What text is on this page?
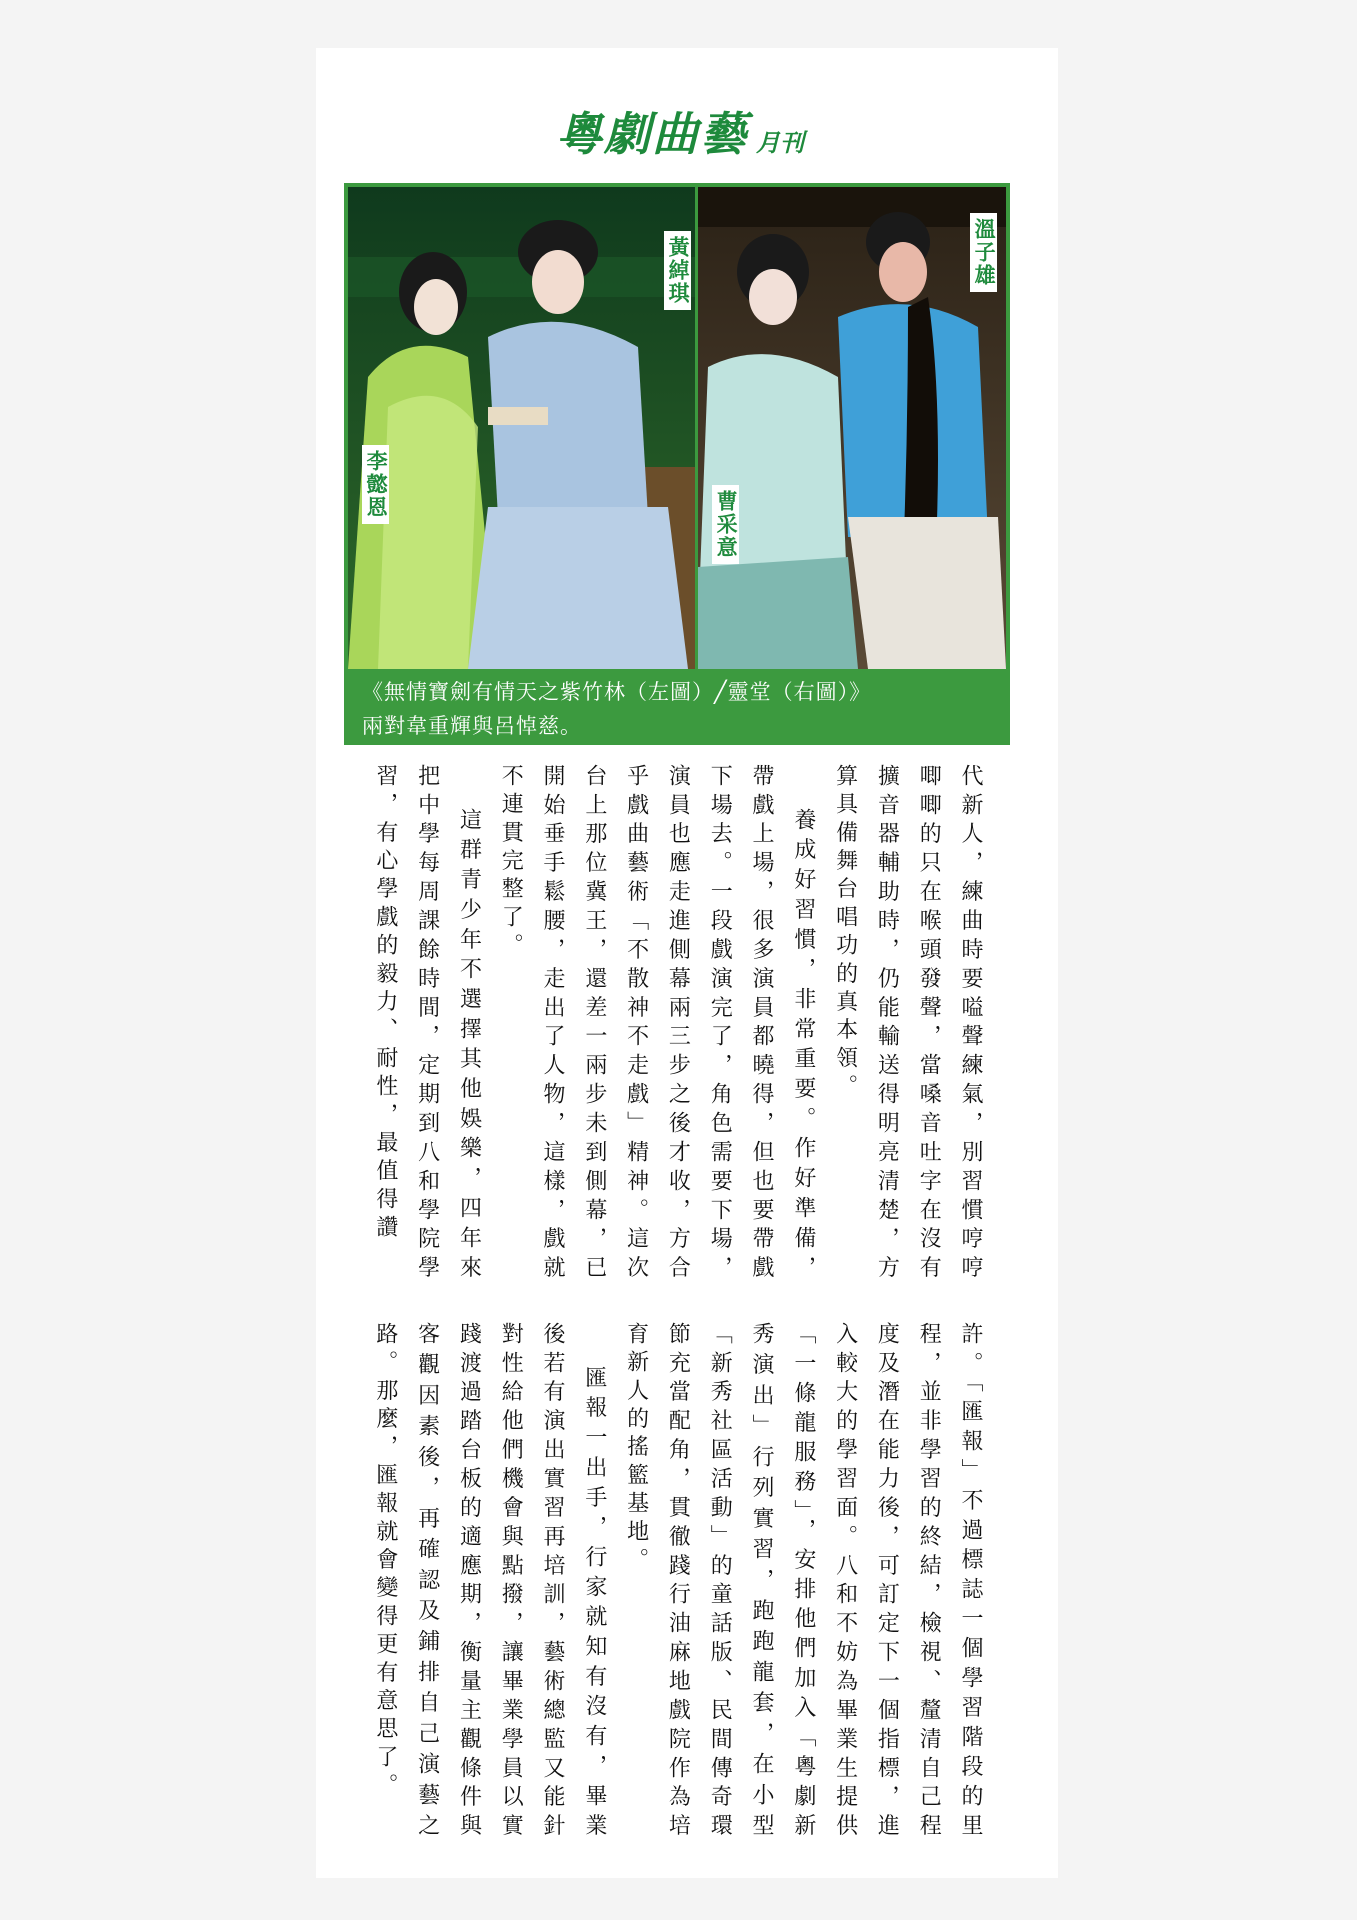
粵劇曲藝 月刊
黃綽琪
李懿恩
溫子雄
曹采意
《無情寶劍有情天之紫竹林（左圖）╱靈堂（右圖）》
兩對韋重輝與呂悼慈。

代新人，練曲時要嗌聲練氣，別習慣哼哼唧唧的只在喉頭發聲，當嗓音吐字在沒有擴音器輔助時，仍能輸送得明亮清楚，方算具備舞台唱功的真本領。

養成好習慣，非常重要。作好準備，帶戲上場，很多演員都曉得，但也要帶戲下場去。一段戲演完了，角色需要下場，演員也應走進側幕兩三步之後才收，方合乎戲曲藝術「不散神不走戲」精神。這次台上那位冀王，還差一兩步未到側幕，已開始垂手鬆腰，走出了人物，這樣，戲就不連貫完整了。

這群青少年不選擇其他娛樂，四年來把中學每周課餘時間，定期到八和學院學習，有心學戲的毅力、耐性，最值得讚

許。「匯報」不過標誌一個學習階段的里程，並非學習的終結，檢視、釐清自己程度及潛在能力後，可訂定下一個指標，進入較大的學習面。八和不妨為畢業生提供「一條龍服務」，安排他們加入「粵劇新秀演出」行列實習，跑跑龍套，在小型「新秀社區活動」的童話版、民間傳奇環節充當配角，貫徹踐行油麻地戲院作為培育新人的搖籃基地。

匯報一出手，行家就知有沒有，畢業後若有演出實習再培訓，藝術總監又能針對性給他們機會與點撥，讓畢業學員以實踐渡過踏台板的適應期，衡量主觀條件與客觀因素後，再確認及鋪排自己演藝之路。那麼，匯報就會變得更有意思了。
